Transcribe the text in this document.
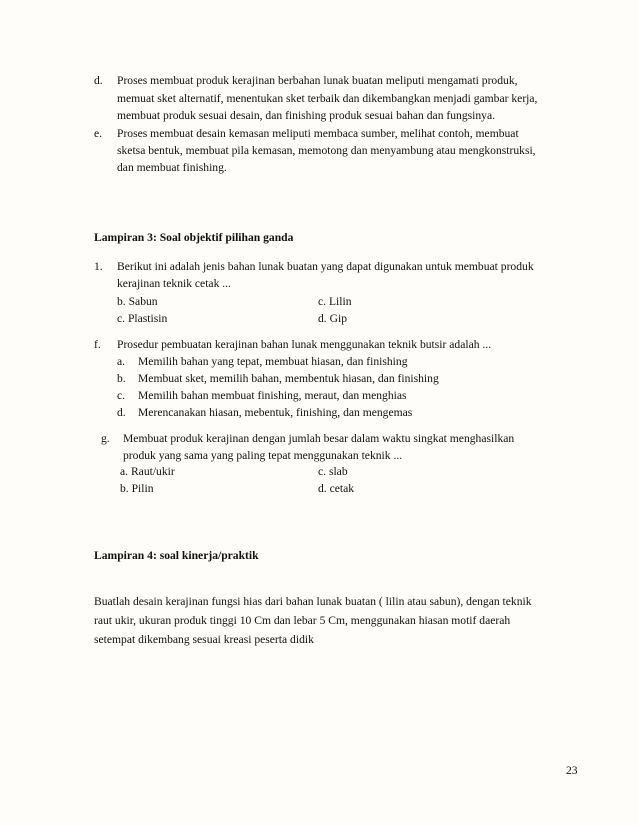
d. Proses membuat produk kerajinan berbahan lunak buatan meliputi mengamati produk,
memuat sket alternatif, menentukan sket terbaik dan dikembangkan menjadi gambar kerja,
membuat produk sesuai desain, dan finishing produk sesuai bahan dan fungsinya.
e. Proses membuat desain kemasan meliputi membaca sumber, melihat contoh, membuat
sketsa bentuk, membuat pila kemasan, memotong dan menyambung atau mengkonstruksi,
dan membuat finishing.
Lampiran 3: Soal objektif pilihan ganda
1. Berikut ini adalah jenis bahan lunak buatan yang dapat digunakan untuk membuat produk
kerajinan teknik cetak ...
b. Sabun	c. Lilin
c. Plastisin	d. Gip
f. Prosedur pembuatan kerajinan bahan lunak menggunakan teknik butsir adalah ...
a. Memilih bahan yang tepat, membuat hiasan, dan finishing
b. Membuat sket, memilih bahan, membentuk hiasan, dan finishing
c. Memilih bahan membuat finishing, meraut, dan menghias
d. Merencanakan hiasan, mebentuk, finishing, dan mengemas
g. Membuat produk kerajinan dengan jumlah besar dalam waktu singkat menghasilkan
produk yang sama yang paling tepat menggunakan teknik ...
a. Raut/ukir	c. slab
b. Pilin	d. cetak
Lampiran 4: soal kinerja/praktik
Buatlah desain kerajinan fungsi hias dari bahan lunak buatan ( lilin atau sabun), dengan teknik
raut ukir, ukuran produk tinggi 10 Cm dan lebar 5 Cm, menggunakan hiasan motif daerah
setempat dikembang sesuai kreasi peserta didik
23
